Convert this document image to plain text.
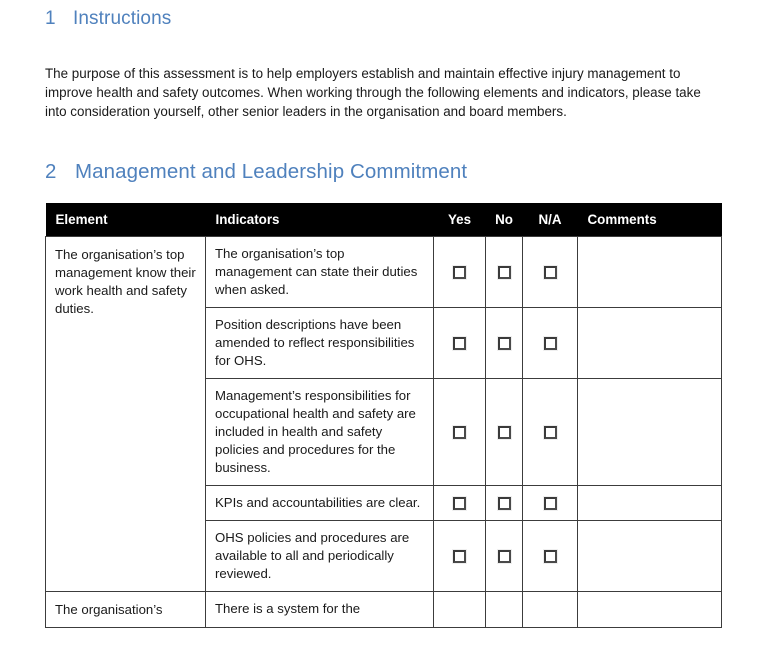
1 Instructions

The purpose of this assessment is to help employers establish and maintain effective injury management to improve health and safety outcomes. When working through the following elements and indicators, please take into consideration yourself, other senior leaders in the organisation and board members.

2 Management and Leadership Commitment
Element	Indicators	Yes	No	N/A	Comments
The organisation’s top management know their work health and safety duties.	The organisation’s top management can state their duties when asked.				
	Position descriptions have been amended to reflect responsibilities for OHS.				
	Management’s responsibilities for occupational health and safety are included in health and safety policies and procedures for the business.				
	KPIs and accountabilities are clear.				
	OHS policies and procedures are available to all and periodically reviewed.				
The organisation’s	There is a system for the				
